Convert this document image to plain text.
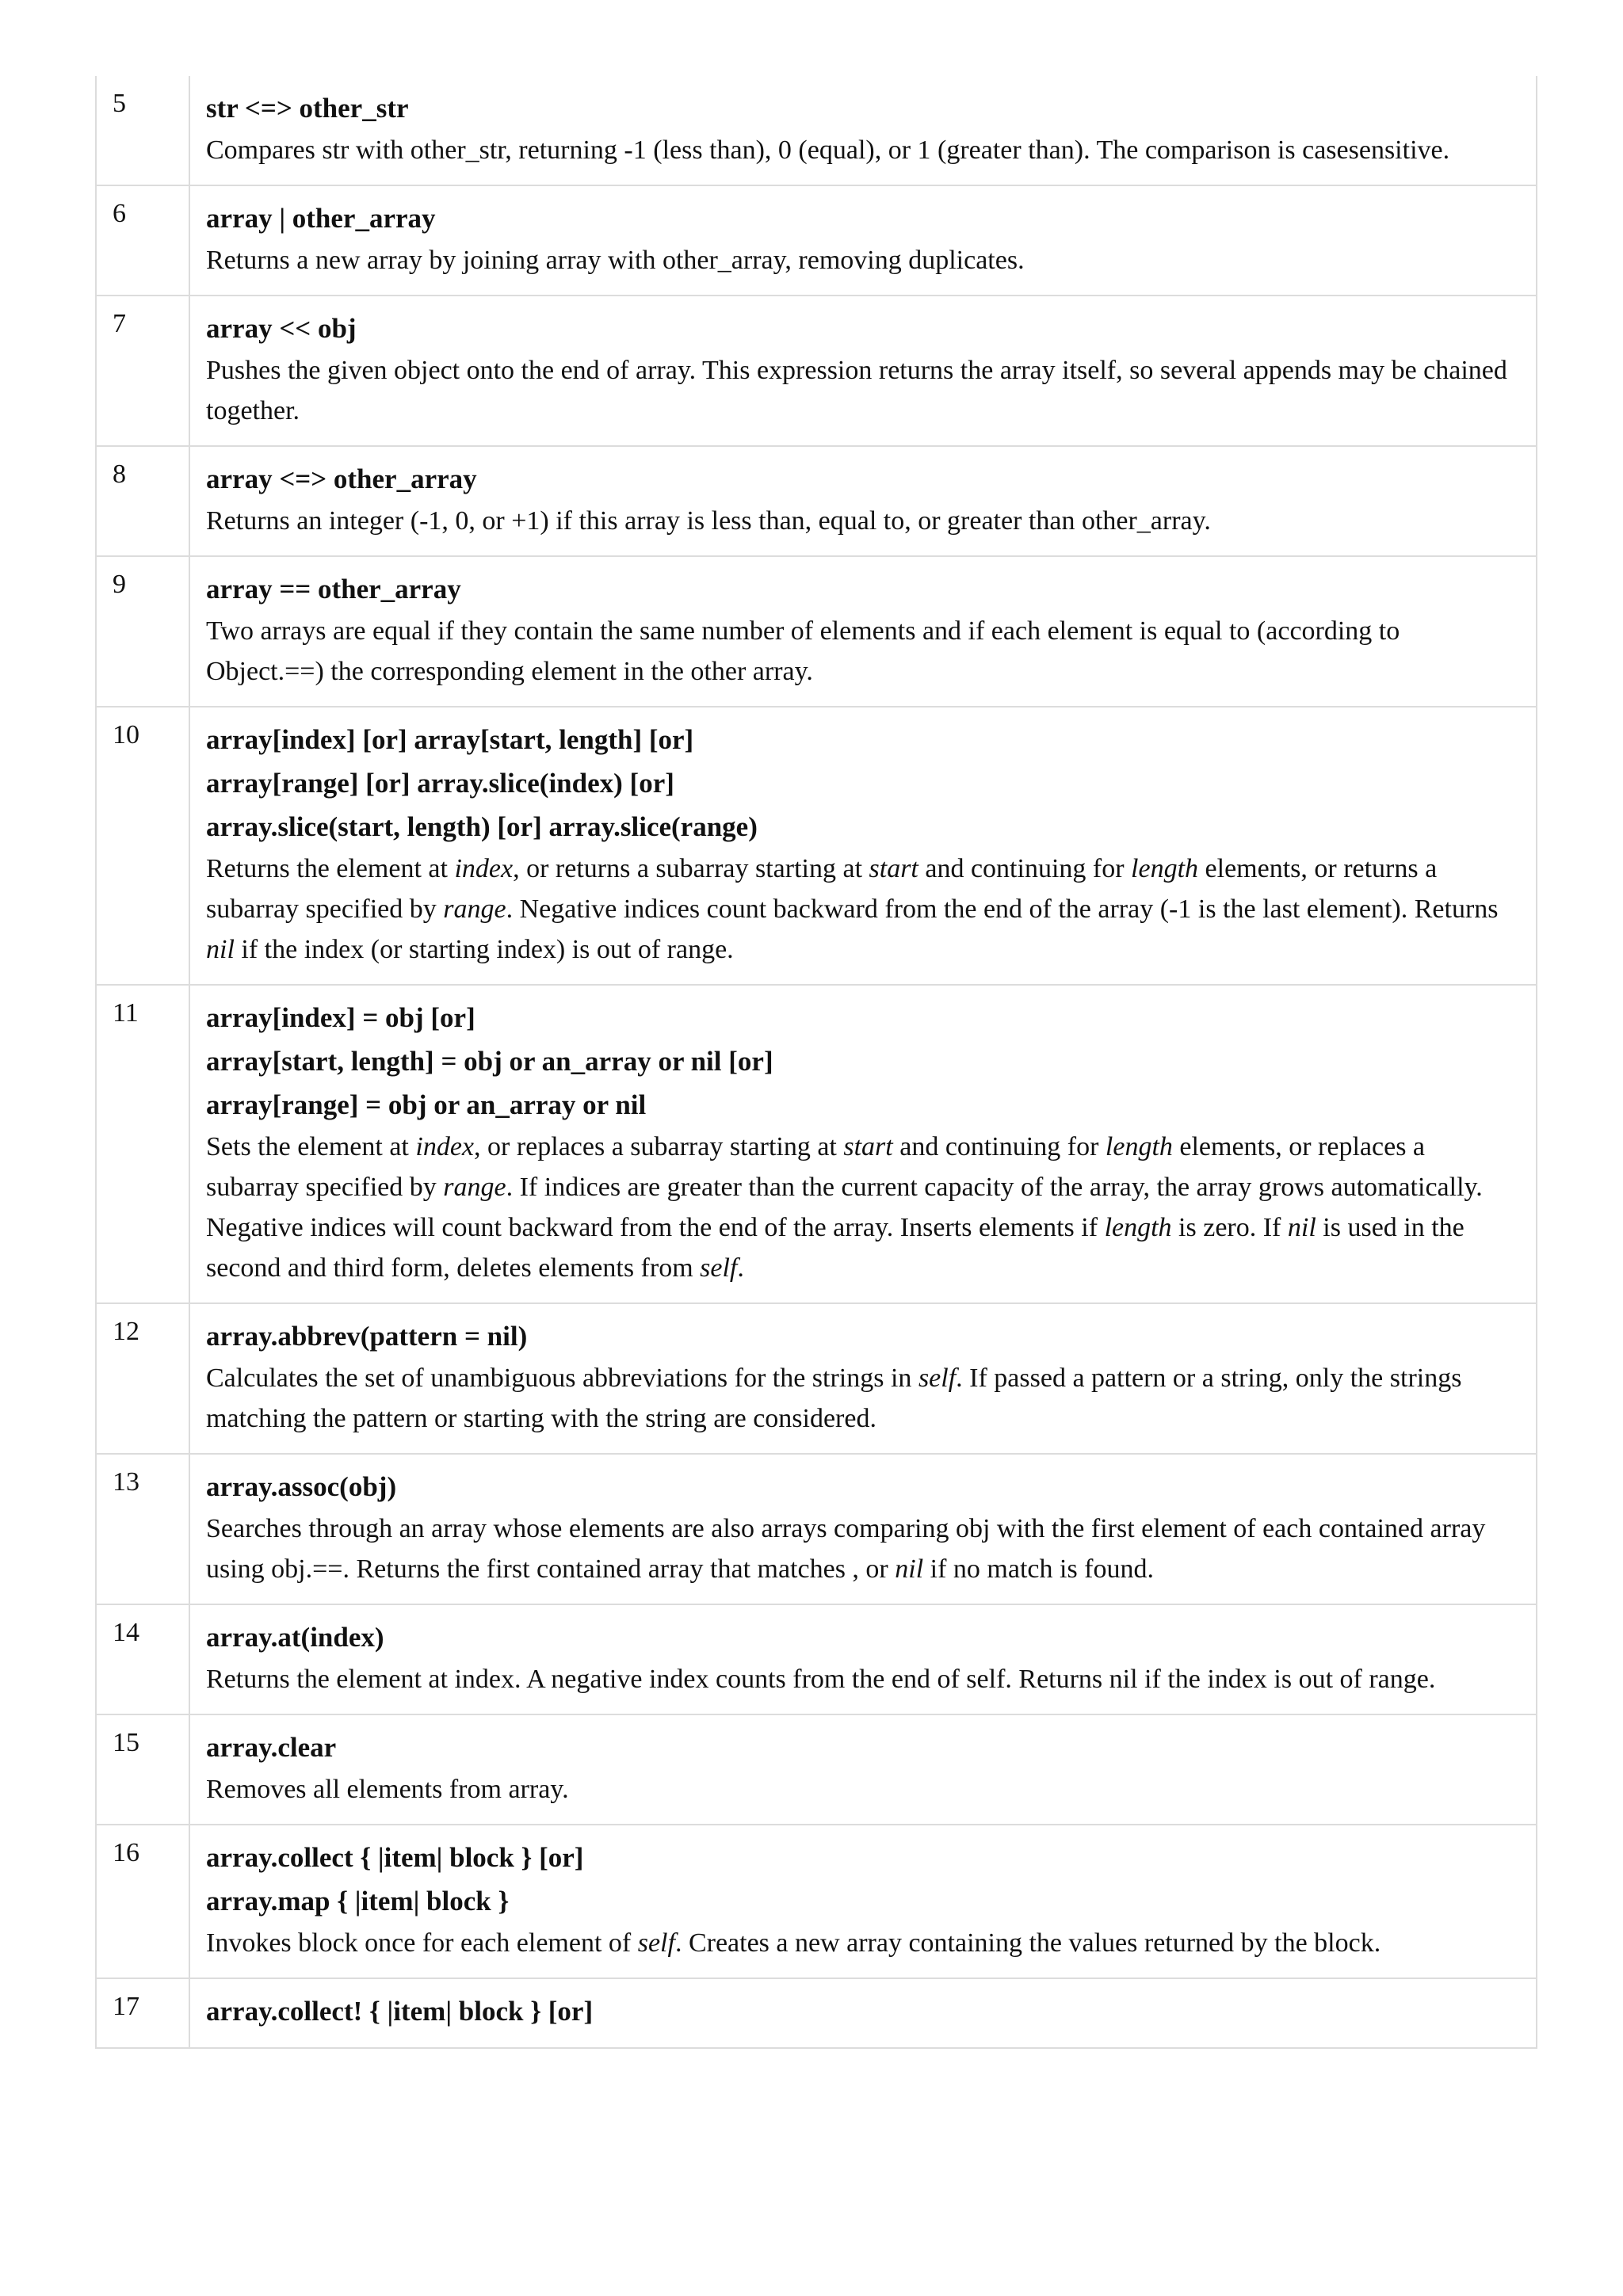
5	str <=> other_str
Compares str with other_str, returning -1 (less than), 0 (equal), or 1 (greater than). The comparison is casesensitive.

6	array | other_array
Returns a new array by joining array with other_array, removing duplicates.

7	array << obj
Pushes the given object onto the end of array. This expression returns the array itself, so several appends may be chained together.

8	array <=> other_array
Returns an integer (-1, 0, or +1) if this array is less than, equal to, or greater than other_array.

9	array == other_array
Two arrays are equal if they contain the same number of elements and if each element is equal to (according to Object.==) the corresponding element in the other array.

10	array[index] [or] array[start, length] [or]
array[range] [or] array.slice(index) [or]
array.slice(start, length) [or] array.slice(range)
Returns the element at index, or returns a subarray starting at start and continuing for length elements, or returns a subarray specified by range. Negative indices count backward from the end of the array (-1 is the last element). Returns nil if the index (or starting index) is out of range.

11	array[index] = obj [or]
array[start, length] = obj or an_array or nil [or]
array[range] = obj or an_array or nil
Sets the element at index, or replaces a subarray starting at start and continuing for length elements, or replaces a subarray specified by range. If indices are greater than the current capacity of the array, the array grows automatically. Negative indices will count backward from the end of the array. Inserts elements if length is zero. If nil is used in the second and third form, deletes elements from self.

12	array.abbrev(pattern = nil)
Calculates the set of unambiguous abbreviations for the strings in self. If passed a pattern or a string, only the strings matching the pattern or starting with the string are considered.

13	array.assoc(obj)
Searches through an array whose elements are also arrays comparing obj with the first element of each contained array using obj.==. Returns the first contained array that matches , or nil if no match is found.

14	array.at(index)
Returns the element at index. A negative index counts from the end of self. Returns nil if the index is out of range.

15	array.clear
Removes all elements from array.

16	array.collect { |item| block } [or]
array.map { |item| block }
Invokes block once for each element of self. Creates a new array containing the values returned by the block.

17	array.collect! { |item| block } [or]
